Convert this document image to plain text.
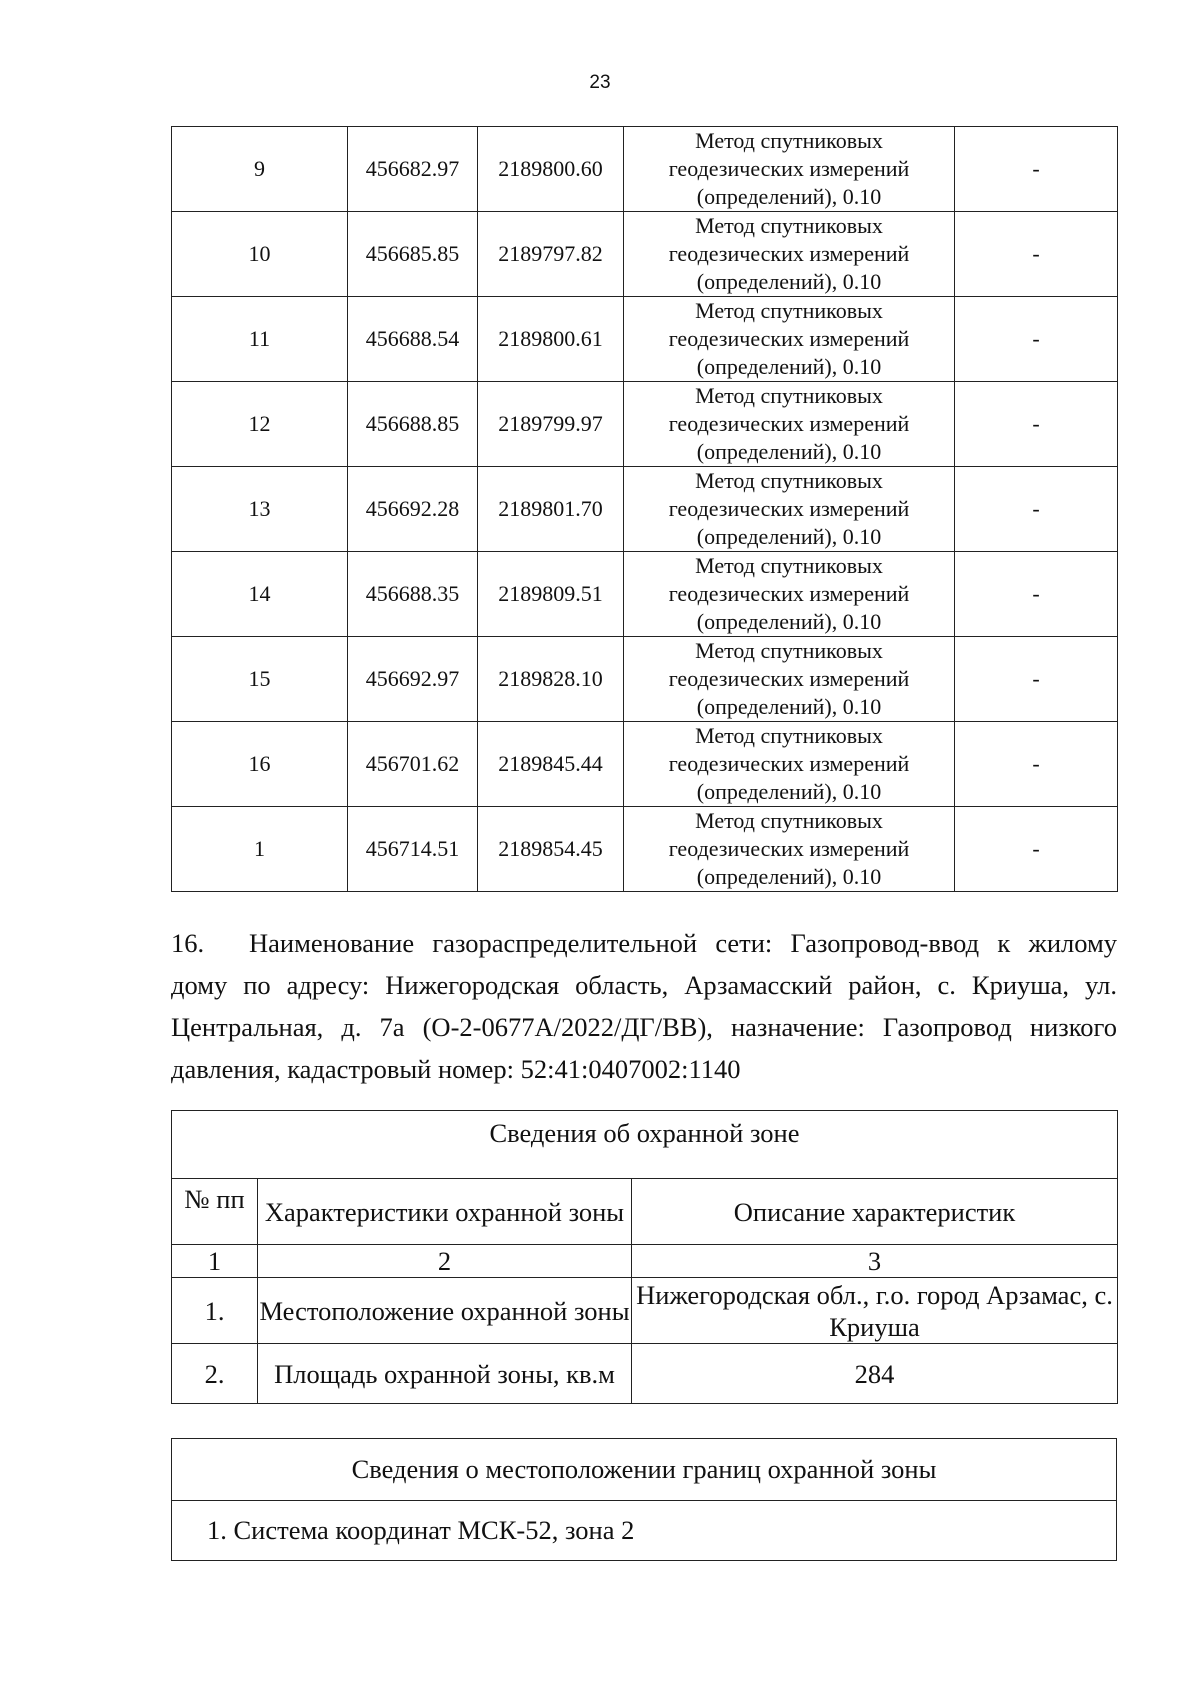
23
9	456682.97	2189800.60	Метод спутниковых
геодезических измерений
(определений), 0.10	-
10	456685.85	2189797.82	Метод спутниковых
геодезических измерений
(определений), 0.10	-
11	456688.54	2189800.61	Метод спутниковых
геодезических измерений
(определений), 0.10	-
12	456688.85	2189799.97	Метод спутниковых
геодезических измерений
(определений), 0.10	-
13	456692.28	2189801.70	Метод спутниковых
геодезических измерений
(определений), 0.10	-
14	456688.35	2189809.51	Метод спутниковых
геодезических измерений
(определений), 0.10	-
15	456692.97	2189828.10	Метод спутниковых
геодезических измерений
(определений), 0.10	-
16	456701.62	2189845.44	Метод спутниковых
геодезических измерений
(определений), 0.10	-
1	456714.51	2189854.45	Метод спутниковых
геодезических измерений
(определений), 0.10	-
16. Наименование газораспределительной сети: Газопровод-ввод к жилому дому по адресу: Нижегородская область, Арзамасский район, с. Криуша, ул. Центральная, д. 7а (О-2-0677А/2022/ДГ/ВВ), назначение: Газопровод низкого давления, кадастровый номер: 52:41:0407002:1140
Сведения об охранной зоне		
№ пп	Характеристики охранной зоны	Описание характеристик
1	2	3
1.	Местоположение охранной зоны	Нижегородская обл., г.о. город Арзамас, с. Криуша
2.	Площадь охранной зоны, кв.м	284
Сведения о местоположении границ охранной зоны
1. Система координат МСК-52, зона 2
